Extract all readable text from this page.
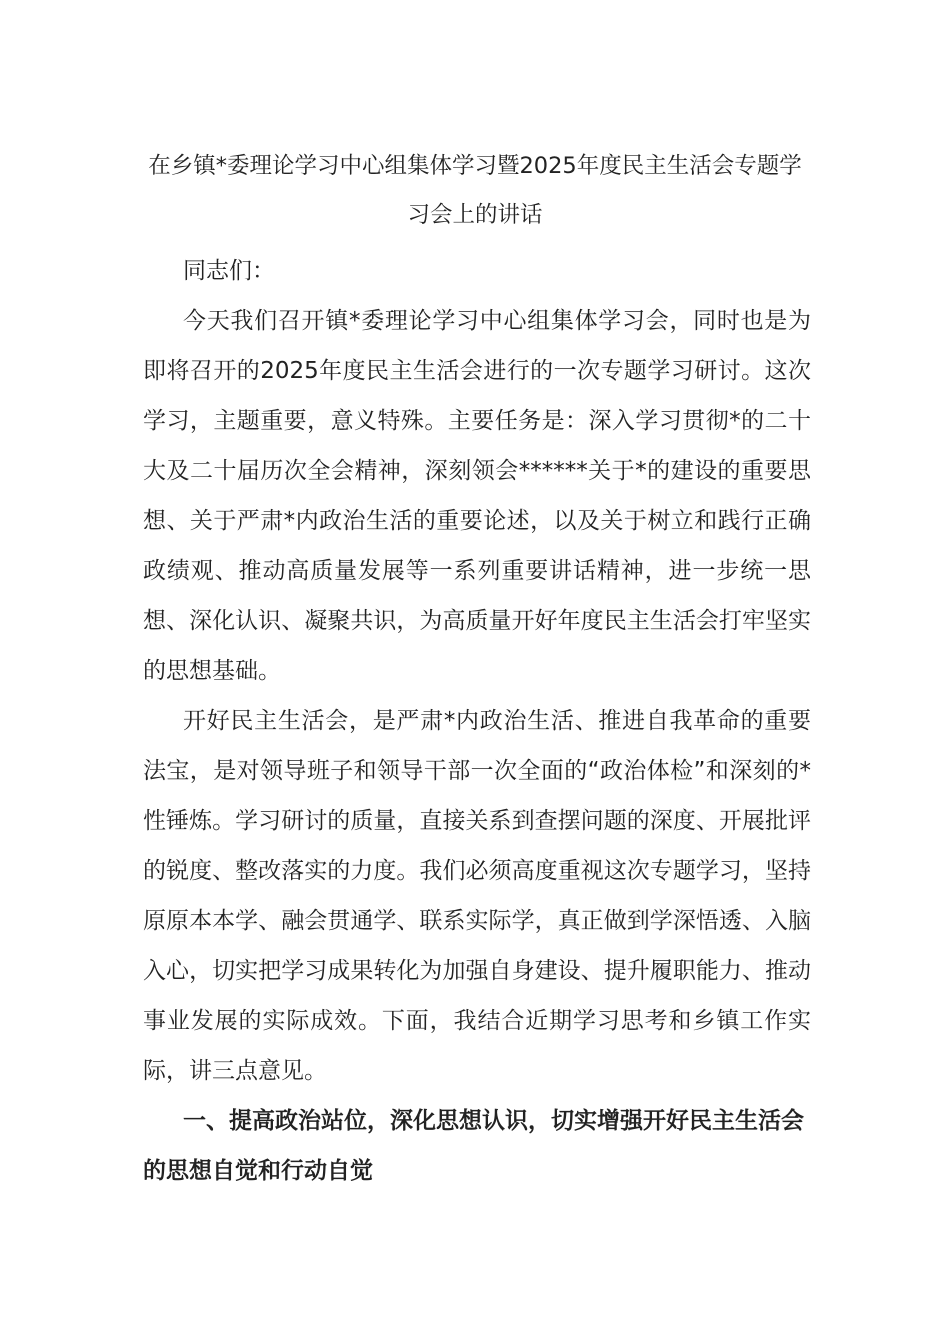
在乡镇*委理论学习中心组集体学习暨2025年度民主生活会专题学习会上的讲话

同志们：

今天我们召开镇*委理论学习中心组集体学习会，同时也是为即将召开的2025年度民主生活会进行的一次专题学习研讨。这次学习，主题重要，意义特殊。主要任务是：深入学习贯彻*的二十大及二十届历次全会精神，深刻领会******关于*的建设的重要思想、关于严肃*内政治生活的重要论述，以及关于树立和践行正确政绩观、推动高质量发展等一系列重要讲话精神，进一步统一思想、深化认识、凝聚共识，为高质量开好年度民主生活会打牢坚实的思想基础。

开好民主生活会，是严肃*内政治生活、推进自我革命的重要法宝，是对领导班子和领导干部一次全面的“政治体检”和深刻的*性锤炼。学习研讨的质量，直接关系到查摆问题的深度、开展批评的锐度、整改落实的力度。我们必须高度重视这次专题学习，坚持原原本本学、融会贯通学、联系实际学，真正做到学深悟透、入脑入心，切实把学习成果转化为加强自身建设、提升履职能力、推动事业发展的实际成效。下面，我结合近期学习思考和乡镇工作实际，讲三点意见。

一、提高政治站位，深化思想认识，切实增强开好民主生活会的思想自觉和行动自觉
